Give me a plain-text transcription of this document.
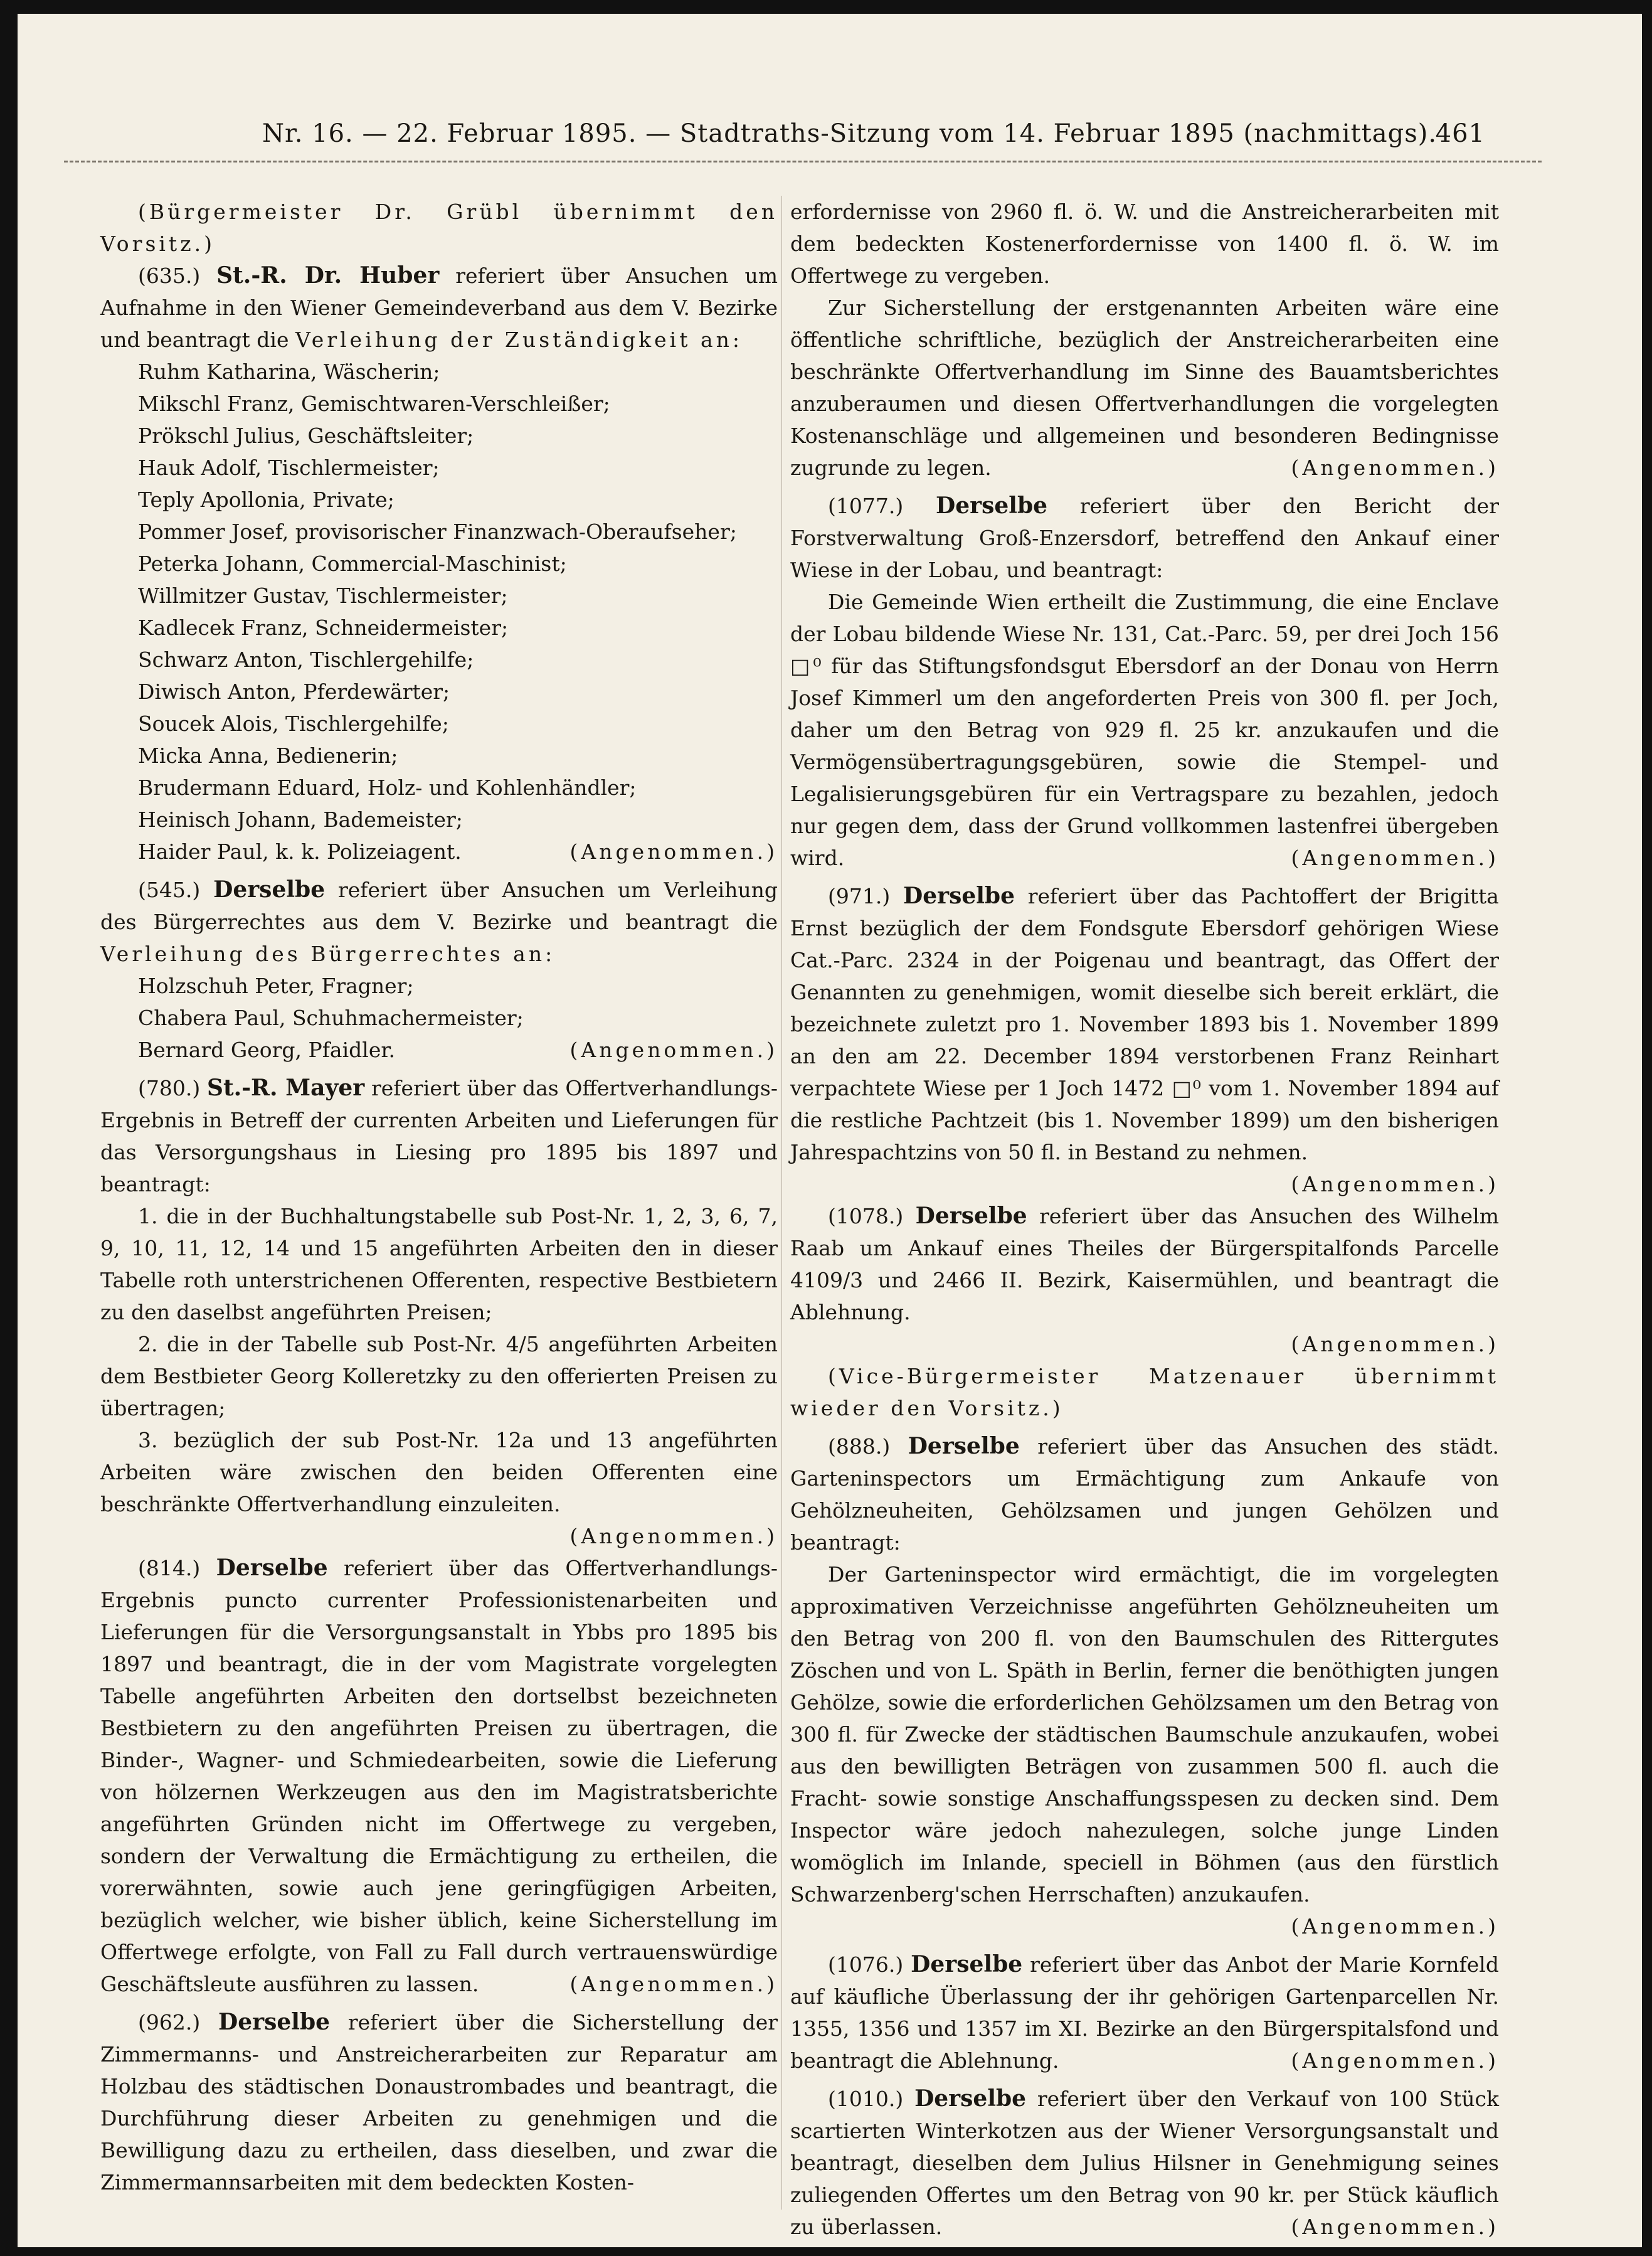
Nr. 16. — 22. Februar 1895. — Stadtraths-Sitzung vom 14. Februar 1895 (nachmittags).
461

(Bürgermeister Dr. Grübl übernimmt den Vorsitz.)

(635.) St.-R. Dr. Huber referiert über Ansuchen um Aufnahme in den Wiener Gemeindeverband aus dem V. Bezirke und beantragt die Verleihung der Zuständigkeit an:

Ruhm Katharina, Wäscherin;

Mikschl Franz, Gemischtwaren-Verschleißer;

Prökschl Julius, Geschäftsleiter;

Hauk Adolf, Tischlermeister;

Teply Apollonia, Private;

Pommer Josef, provisorischer Finanzwach-Oberaufseher;

Peterka Johann, Commercial-Maschinist;

Willmitzer Gustav, Tischlermeister;

Kadlecek Franz, Schneidermeister;

Schwarz Anton, Tischlergehilfe;

Diwisch Anton, Pferdewärter;

Soucek Alois, Tischlergehilfe;

Micka Anna, Bedienerin;

Brudermann Eduard, Holz- und Kohlenhändler;

Heinisch Johann, Bademeister;

(Angenommen.)
Haider Paul, k. k. Polizeiagent.

(545.) Derselbe referiert über Ansuchen um Verleihung des Bürgerrechtes aus dem V. Bezirke und beantragt die Verleihung des Bürgerrechtes an:

Holzschuh Peter, Fragner;

Chabera Paul, Schuhmachermeister;

(Angenommen.)
Bernard Georg, Pfaidler.

(780.) St.-R. Mayer referiert über das Offertverhandlungs-Ergebnis in Betreff der currenten Arbeiten und Lieferungen für das Versorgungshaus in Liesing pro 1895 bis 1897 und beantragt:

1. die in der Buchhaltungstabelle sub Post-Nr. 1, 2, 3, 6, 7, 9, 10, 11, 12, 14 und 15 angeführten Arbeiten den in dieser Tabelle roth unterstrichenen Offerenten, respective Bestbietern zu den daselbst angeführten Preisen;

2. die in der Tabelle sub Post-Nr. 4/5 angeführten Arbeiten dem Bestbieter Georg Kolleretzky zu den offerierten Preisen zu übertragen;

3. bezüglich der sub Post-Nr. 12a und 13 angeführten Arbeiten wäre zwischen den beiden Offerenten eine beschränkte Offertverhandlung einzuleiten.
(Angenommen.)

(814.) Derselbe referiert über das Offertverhandlungs-Ergebnis puncto currenter Professionistenarbeiten und Lieferungen für die Versorgungsanstalt in Ybbs pro 1895 bis 1897 und beantragt, die in der vom Magistrate vorgelegten Tabelle angeführten Arbeiten den dortselbst bezeichneten Bestbietern zu den angeführten Preisen zu übertragen, die Binder-, Wagner- und Schmiedearbeiten, sowie die Lieferung von hölzernen Werkzeugen aus den im Magistratsberichte angeführten Gründen nicht im Offertwege zu vergeben, sondern der Verwaltung die Ermächtigung zu ertheilen, die vorerwähnten, sowie auch jene geringfügigen Arbeiten, bezüglich welcher, wie bisher üblich, keine Sicherstellung im Offertwege erfolgte, von Fall zu Fall durch vertrauenswürdige Geschäftsleute ausführen zu lassen.	(Angenommen.)

(962.) Derselbe referiert über die Sicherstellung der Zimmermanns- und Anstreicherarbeiten zur Reparatur am Holzbau des städtischen Donaustrombades und beantragt, die Durchführung dieser Arbeiten zu genehmigen und die Bewilligung dazu zu ertheilen, dass dieselben, und zwar die Zimmermannsarbeiten mit dem bedeckten Kosten-

erfordernisse von 2960 fl. ö. W. und die Anstreicherarbeiten mit dem bedeckten Kostenerfordernisse von 1400 fl. ö. W. im Offertwege zu vergeben.

Zur Sicherstellung der erstgenannten Arbeiten wäre eine öffentliche schriftliche, bezüglich der Anstreicherarbeiten eine beschränkte Offertverhandlung im Sinne des Bauamtsberichtes anzuberaumen und diesen Offertverhandlungen die vorgelegten Kostenanschläge und allgemeinen und besonderen Bedingnisse zugrunde zu legen.	(Angenommen.)

(1077.) Derselbe referiert über den Bericht der Forstverwaltung Groß-Enzersdorf, betreffend den Ankauf einer Wiese in der Lobau, und beantragt:

Die Gemeinde Wien ertheilt die Zustimmung, die eine Enclave der Lobau bildende Wiese Nr. 131, Cat.-Parc. 59, per drei Joch 156 □⁰ für das Stiftungsfondsgut Ebersdorf an der Donau von Herrn Josef Kimmerl um den angeforderten Preis von 300 fl. per Joch, daher um den Betrag von 929 fl. 25 kr. anzukaufen und die Vermögensübertragungsgebüren, sowie die Stempel- und Legalisierungsgebüren für ein Vertragspare zu bezahlen, jedoch nur gegen dem, dass der Grund vollkommen lastenfrei übergeben wird.	(Angenommen.)

(971.) Derselbe referiert über das Pachtoffert der Brigitta Ernst bezüglich der dem Fondsgute Ebersdorf gehörigen Wiese Cat.-Parc. 2324 in der Poigenau und beantragt, das Offert der Genannten zu genehmigen, womit dieselbe sich bereit erklärt, die bezeichnete zuletzt pro 1. November 1893 bis 1. November 1899 an den am 22. December 1894 verstorbenen Franz Reinhart verpachtete Wiese per 1 Joch 1472 □⁰ vom 1. November 1894 auf die restliche Pachtzeit (bis 1. November 1899) um den bisherigen Jahrespachtzins von 50 fl. in Bestand zu nehmen.
(Angenommen.)

(1078.) Derselbe referiert über das Ansuchen des Wilhelm Raab um Ankauf eines Theiles der Bürgerspitalfonds Parcelle 4109/3 und 2466 II. Bezirk, Kaisermühlen, und beantragt die Ablehnung.

(Angenommen.)

(Vice-Bürgermeister Matzenauer übernimmt wieder den Vorsitz.)

(888.) Derselbe referiert über das Ansuchen des städt. Garteninspectors um Ermächtigung zum Ankaufe von Gehölzneuheiten, Gehölzsamen und jungen Gehölzen und beantragt:

Der Garteninspector wird ermächtigt, die im vorgelegten approximativen Verzeichnisse angeführten Gehölzneuheiten um den Betrag von 200 fl. von den Baumschulen des Rittergutes Zöschen und von L. Späth in Berlin, ferner die benöthigten jungen Gehölze, sowie die erforderlichen Gehölzsamen um den Betrag von 300 fl. für Zwecke der städtischen Baumschule anzukaufen, wobei aus den bewilligten Beträgen von zusammen 500 fl. auch die Fracht- sowie sonstige Anschaffungsspesen zu decken sind. Dem Inspector wäre jedoch nahezulegen, solche junge Linden womöglich im Inlande, speciell in Böhmen (aus den fürstlich Schwarzenberg'schen Herrschaften) anzukaufen.

(Angenommen.)

(1076.) Derselbe referiert über das Anbot der Marie Kornfeld auf käufliche Überlassung der ihr gehörigen Gartenparcellen Nr. 1355, 1356 und 1357 im XI. Bezirke an den Bürgerspitalsfond und beantragt die Ablehnung.	(Angenommen.)

(1010.) Derselbe referiert über den Verkauf von 100 Stück scartierten Winterkotzen aus der Wiener Versorgungsanstalt und beantragt, dieselben dem Julius Hilsner in Genehmigung seines zuliegenden Offertes um den Betrag von 90 kr. per Stück käuflich zu überlassen.	(Angenommen.)
